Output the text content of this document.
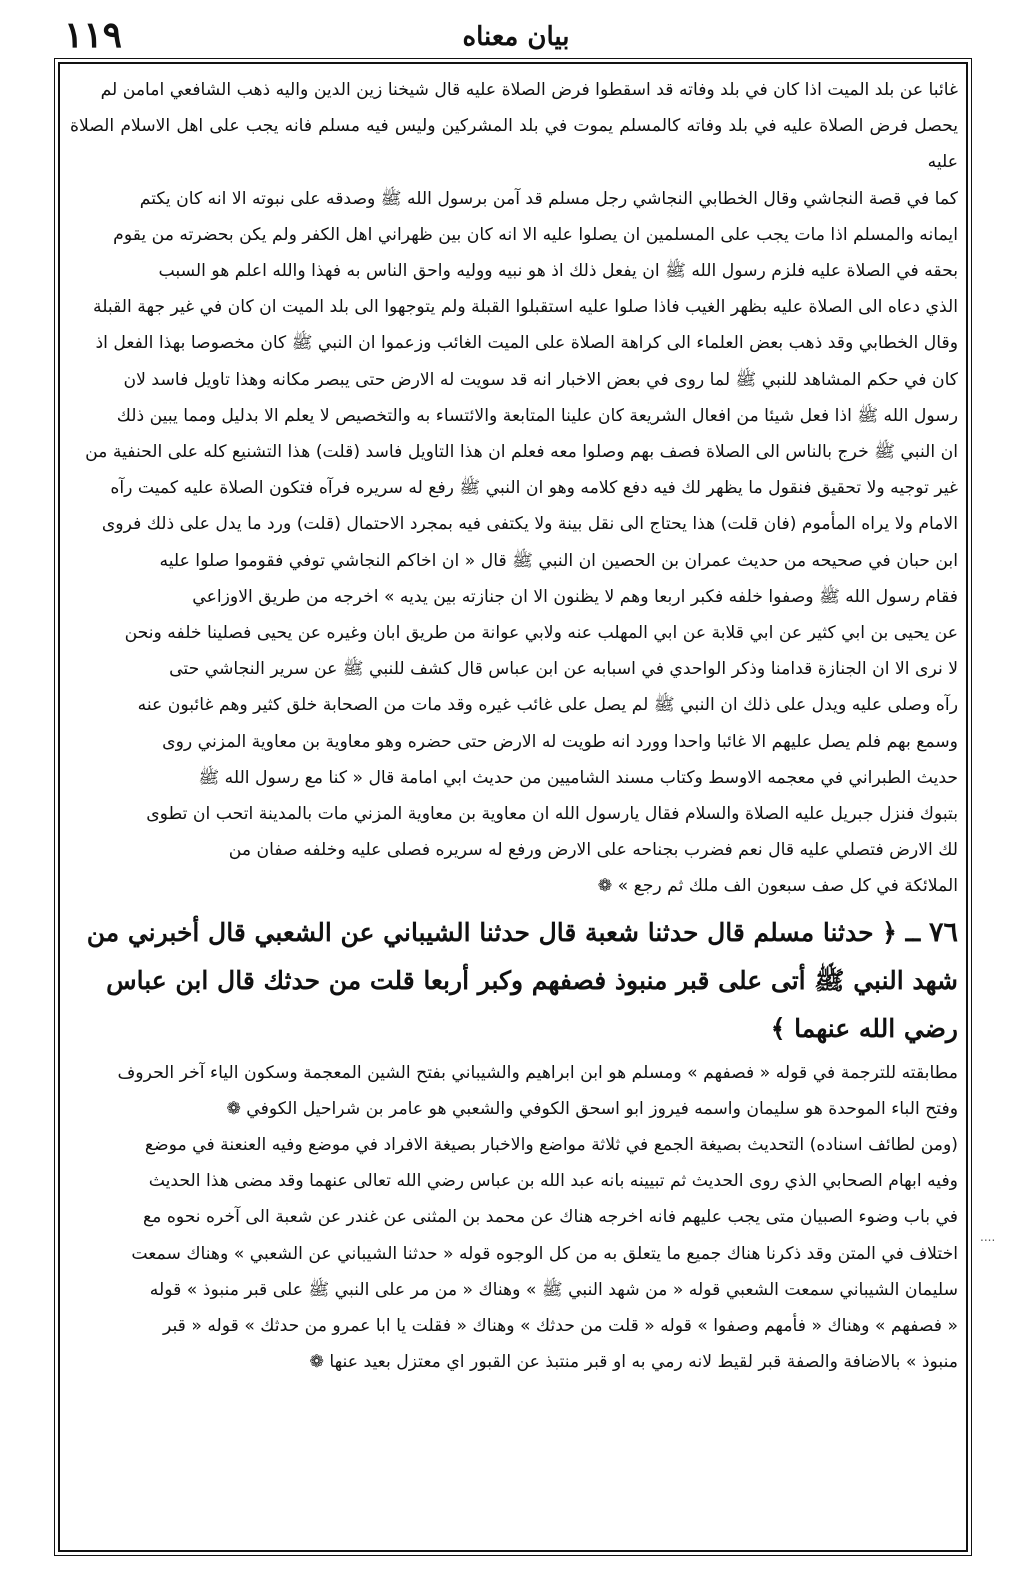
١١٩	بيان معناه

غائبا عن بلد الميت اذا كان في بلد وفاته قد اسقطوا فرض الصلاة عليه قال شيخنا زين الدين واليه ذهب الشافعي امامن لم

يحصل فرض الصلاة عليه في بلد وفاته كالمسلم يموت في بلد المشركين وليس فيه مسلم فانه يجب على اهل الاسلام الصلاة عليه

كما في قصة النجاشي وقال الخطابي النجاشي رجل مسلم قد آمن برسول الله ﷺ وصدقه على نبوته الا انه كان يكتم

ايمانه والمسلم اذا مات يجب على المسلمين ان يصلوا عليه الا انه كان بين ظهراني اهل الكفر ولم يكن بحضرته من يقوم

بحقه في الصلاة عليه فلزم رسول الله ﷺ ان يفعل ذلك اذ هو نبيه ووليه واحق الناس به فهذا والله اعلم هو السبب

الذي دعاه الى الصلاة عليه بظهر الغيب فاذا صلوا عليه استقبلوا القبلة ولم يتوجهوا الى بلد الميت ان كان في غير جهة القبلة

وقال الخطابي وقد ذهب بعض العلماء الى كراهة الصلاة على الميت الغائب وزعموا ان النبي ﷺ كان مخصوصا بهذا الفعل اذ

كان في حكم المشاهد للنبي ﷺ لما روى في بعض الاخبار انه قد سويت له الارض حتى يبصر مكانه وهذا تاويل فاسد لان

رسول الله ﷺ اذا فعل شيئا من افعال الشريعة كان علينا المتابعة والائتساء به والتخصيص لا يعلم الا بدليل ومما يبين ذلك

ان النبي ﷺ خرج بالناس الى الصلاة فصف بهم وصلوا معه فعلم ان هذا التاويل فاسد (قلت) هذا التشنيع كله على الحنفية من

غير توجيه ولا تحقيق فنقول ما يظهر لك فيه دفع كلامه وهو ان النبي ﷺ رفع له سريره فرآه فتكون الصلاة عليه كميت رآه

الامام ولا يراه المأموم (فان قلت) هذا يحتاج الى نقل بينة ولا يكتفى فيه بمجرد الاحتمال (قلت) ورد ما يدل على ذلك فروى

ابن حبان في صحيحه من حديث عمران بن الحصين ان النبي ﷺ قال « ان اخاكم النجاشي توفي فقوموا صلوا عليه

فقام رسول الله ﷺ وصفوا خلفه فكبر اربعا وهم لا يظنون الا ان جنازته بين يديه » اخرجه من طريق الاوزاعي

عن يحيى بن ابي كثير عن ابي قلابة عن ابي المهلب عنه ولابي عوانة من طريق ابان وغيره عن يحيى فصلينا خلفه ونحن

لا نرى الا ان الجنازة قدامنا وذكر الواحدي في اسبابه عن ابن عباس قال كشف للنبي ﷺ عن سرير النجاشي حتى

رآه وصلى عليه ويدل على ذلك ان النبي ﷺ لم يصل على غائب غيره وقد مات من الصحابة خلق كثير وهم غائبون عنه

وسمع بهم فلم يصل عليهم الا غائبا واحدا وورد انه طويت له الارض حتى حضره وهو معاوية بن معاوية المزني روى

حديث الطبراني في معجمه الاوسط وكتاب مسند الشاميين من حديث ابي امامة قال « كنا مع رسول الله ﷺ

بتبوك فنزل جبريل عليه الصلاة والسلام فقال يارسول الله ان معاوية بن معاوية المزني مات بالمدينة اتحب ان تطوى

لك الارض فتصلي عليه قال نعم فضرب بجناحه على الارض ورفع له سريره فصلى عليه وخلفه صفان من

الملائكة في كل صف سبعون الف ملك ثم رجع » ❁

٧٦ ــ ﴿ حدثنا مسلم قال حدثنا شعبة قال حدثنا الشيباني عن الشعبي قال أخبرني من
شهد النبي ﷺ أتى على قبر منبوذ فصفهم وكبر أربعا قلت من حدثك قال ابن عباس
رضي الله عنهما ﴾

مطابقته للترجمة في قوله « فصفهم » ومسلم هو ابن ابراهيم والشيباني بفتح الشين المعجمة وسكون الياء آخر الحروف

وفتح الباء الموحدة هو سليمان واسمه فيروز ابو اسحق الكوفي والشعبي هو عامر بن شراحيل الكوفي ❁

(ومن لطائف اسناده) التحديث بصيغة الجمع في ثلاثة مواضع والاخبار بصيغة الافراد في موضع وفيه العنعنة في موضع

وفيه ابهام الصحابي الذي روى الحديث ثم تبيينه بانه عبد الله بن عباس رضي الله تعالى عنهما وقد مضى هذا الحديث

في باب وضوء الصبيان متى يجب عليهم فانه اخرجه هناك عن محمد بن المثنى عن غندر عن شعبة الى آخره نحوه مع

اختلاف في المتن وقد ذكرنا هناك جميع ما يتعلق به من كل الوجوه قوله « حدثنا الشيباني عن الشعبي » وهناك سمعت

سليمان الشيباني سمعت الشعبي قوله « من شهد النبي ﷺ » وهناك « من مر على النبي ﷺ على قبر منبوذ » قوله

« فصفهم » وهناك « فأمهم وصفوا » قوله « قلت من حدثك » وهناك « فقلت يا ابا عمرو من حدثك » قوله « قبر

منبوذ » بالاضافة والصفة قبر لقيط لانه رمي به او قبر منتبذ عن القبور اي معتزل بعيد عنها ❁

....
